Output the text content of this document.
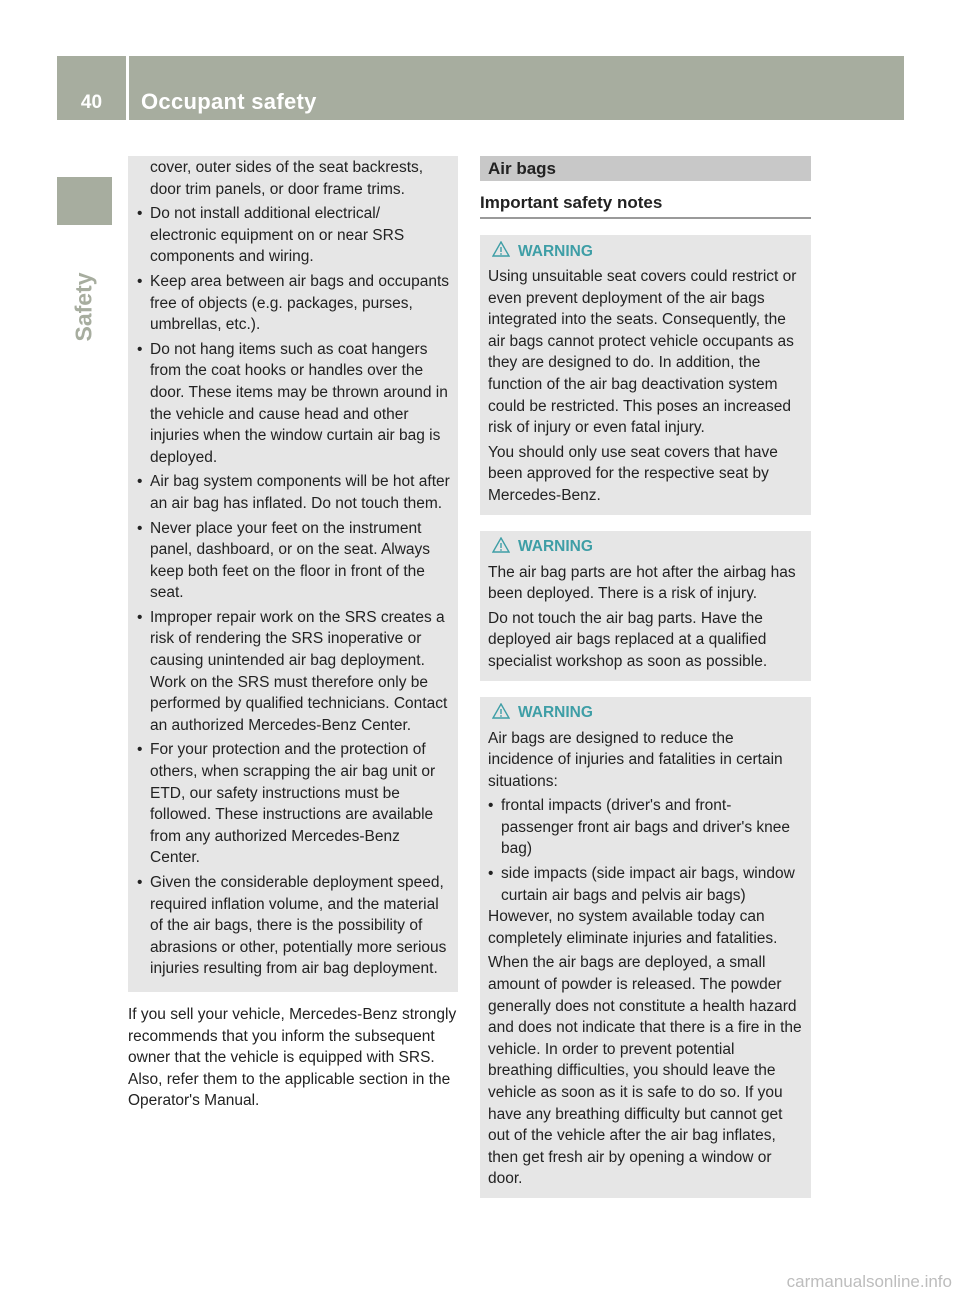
40	Occupant safety
Safety

cover, outer sides of the seat backrests, door trim panels, or door frame trims.

• Do not install additional electrical/ electronic equipment on or near SRS components and wiring.
• Keep area between air bags and occupants free of objects (e.g. packages, purses, umbrellas, etc.).
• Do not hang items such as coat hangers from the coat hooks or handles over the door. These items may be thrown around in the vehicle and cause head and other injuries when the window curtain air bag is deployed.
• Air bag system components will be hot after an air bag has inflated. Do not touch them.
• Never place your feet on the instrument panel, dashboard, or on the seat. Always keep both feet on the floor in front of the seat.
• Improper repair work on the SRS creates a risk of rendering the SRS inoperative or causing unintended air bag deployment. Work on the SRS must therefore only be performed by qualified technicians. Contact an authorized Mercedes-Benz Center.
• For your protection and the protection of others, when scrapping the air bag unit or ETD, our safety instructions must be followed. These instructions are available from any authorized Mercedes-Benz Center.
• Given the considerable deployment speed, required inflation volume, and the material of the air bags, there is the possibility of abrasions or other, potentially more serious injuries resulting from air bag deployment.

If you sell your vehicle, Mercedes-Benz strongly recommends that you inform the subsequent owner that the vehicle is equipped with SRS. Also, refer them to the applicable section in the Operator's Manual.

Air bags
Important safety notes
WARNING

Using unsuitable seat covers could restrict or even prevent deployment of the air bags integrated into the seats. Consequently, the air bags cannot protect vehicle occupants as they are designed to do. In addition, the function of the air bag deactivation system could be restricted. This poses an increased risk of injury or even fatal injury.

You should only use seat covers that have been approved for the respective seat by Mercedes-Benz.

WARNING

The air bag parts are hot after the airbag has been deployed. There is a risk of injury.

Do not touch the air bag parts. Have the deployed air bags replaced at a qualified specialist workshop as soon as possible.

WARNING

Air bags are designed to reduce the incidence of injuries and fatalities in certain situations:

• frontal impacts (driver's and front-passenger front air bags and driver's knee bag)
• side impacts (side impact air bags, window curtain air bags and pelvis air bags)

However, no system available today can completely eliminate injuries and fatalities.

When the air bags are deployed, a small amount of powder is released. The powder generally does not constitute a health hazard and does not indicate that there is a fire in the vehicle. In order to prevent potential breathing difficulties, you should leave the vehicle as soon as it is safe to do so. If you have any breathing difficulty but cannot get out of the vehicle after the air bag inflates, then get fresh air by opening a window or door.

carmanualsonline.info
